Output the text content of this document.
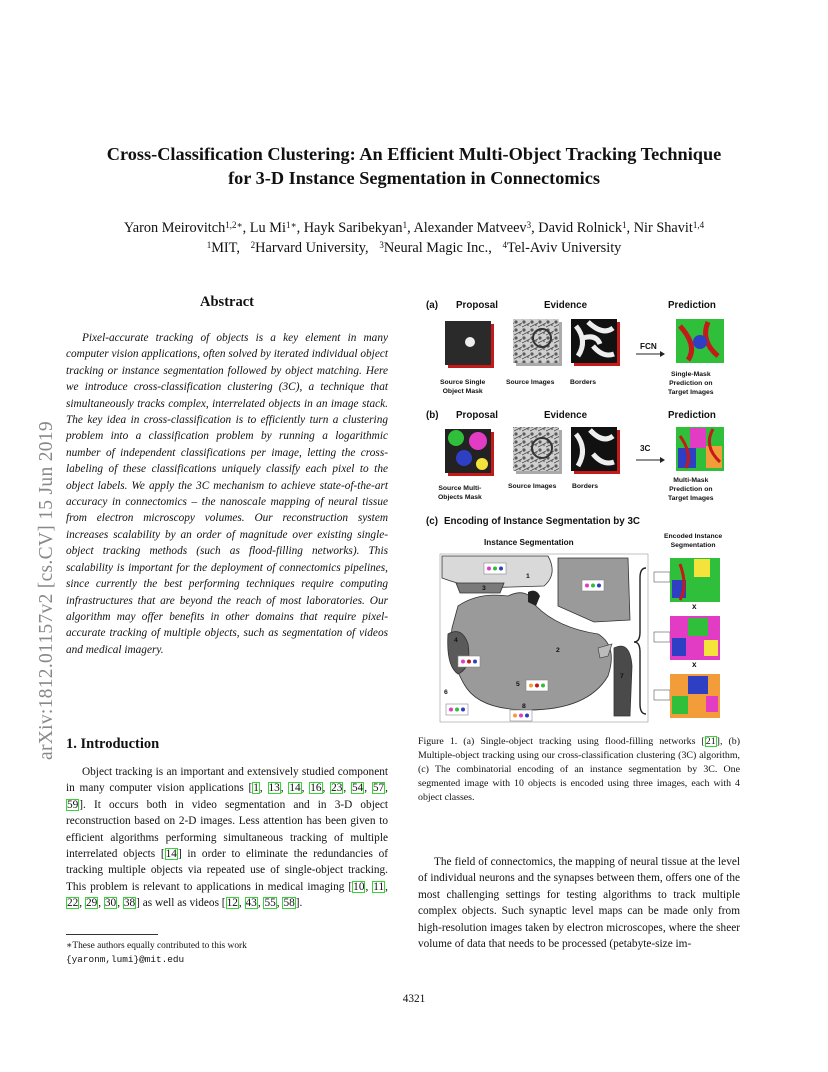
Cross-Classification Clustering: An Efficient Multi-Object Tracking Technique
for 3-D Instance Segmentation in Connectomics
Yaron Meirovitch$^{1,2∗}$, Lu $Mi^{1∗}$, Hayk Saribekyan$^1$, Alexander Matveev$^3$, David Rolnick$^1$, Nir Shavit$^{1,4}$
$^1$MIT, $^2$Harvard University, $^3$Neural Magic Inc., $^4$Tel-Aviv University
arXiv:1812.01157v2 [cs.CV] 15 Jun 2019
Abstract

Pixel-accurate tracking of objects is a key element in many computer vision applications, often solved by iterated individual object tracking or instance segmentation followed by object matching. Here we introduce cross-classification clustering (3C), a technique that simultaneously tracks complex, interrelated objects in an image stack. The key idea in cross-classification is to efficiently turn a clustering problem into a classification problem by running a logarithmic number of independent classifications per image, letting the cross-labeling of these classifications uniquely classify each pixel to the object labels. We apply the 3C mechanism to achieve state-of-the-art accuracy in connectomics – the nanoscale mapping of neural tissue from electron microscopy volumes. Our reconstruction system increases scalability by an order of magnitude over existing single-object tracking methods (such as flood-filling networks). This scalability is important for the deployment of connectomics pipelines, since currently the best performing techniques require computing infrastructures that are beyond the reach of most laboratories. Our algorithm may offer benefits in other domains that require pixel-accurate tracking of multiple objects, such as segmentation of videos and medical imagery.

1. Introduction

Object tracking is an important and extensively studied component in many computer vision applications [1, 13, 14, 16, 23, 54, 57, 59]. It occurs both in video segmentation and in 3-D object reconstruction based on 2-D images. Less attention has been given to efficient algorithms performing simultaneous tracking of multiple interrelated objects [14] in order to eliminate the redundancies of tracking multiple objects via repeated use of single-object tracking. This problem is relevant to applications in medical imaging [10, 11, 22, 29, 30, 38] as well as videos [12, 43, 55, 58].

∗These authors equally contributed to this work
{yaronm,lumi}@mit.edu
(a) Proposal	Evidence	Prediction
FCN
Source Single
Object Mask
Source Images Borders
Single-Mask
Prediction on
Target Images
(b) Proposal	Evidence	Prediction
3C
Source Multi-
Objects Mask
Source Images Borders
Multi-Mask
Prediction on
Target Images
(c) Encoding of Instance Segmentation by 3C
Instance Segmentation
Encoded Instance
Segmentation
1
2
3
4
5
6
7
8
x
x
Figure 1. (a) Single-object tracking using flood-filling networks [21], (b) Multiple-object tracking using our cross-classification clustering (3C) algorithm, (c) The combinatorial encoding of an instance segmentation by 3C. One segmented image with 10 objects is encoded using three images, each with 4 object classes.

The field of connectomics, the mapping of neural tissue at the level of individual neurons and the synapses between them, offers one of the most challenging settings for testing algorithms to track multiple complex objects. Such synaptic level maps can be made only from high-resolution images taken by electron microscopes, where the sheer volume of data that needs to be processed (petabyte-size im-

4321
